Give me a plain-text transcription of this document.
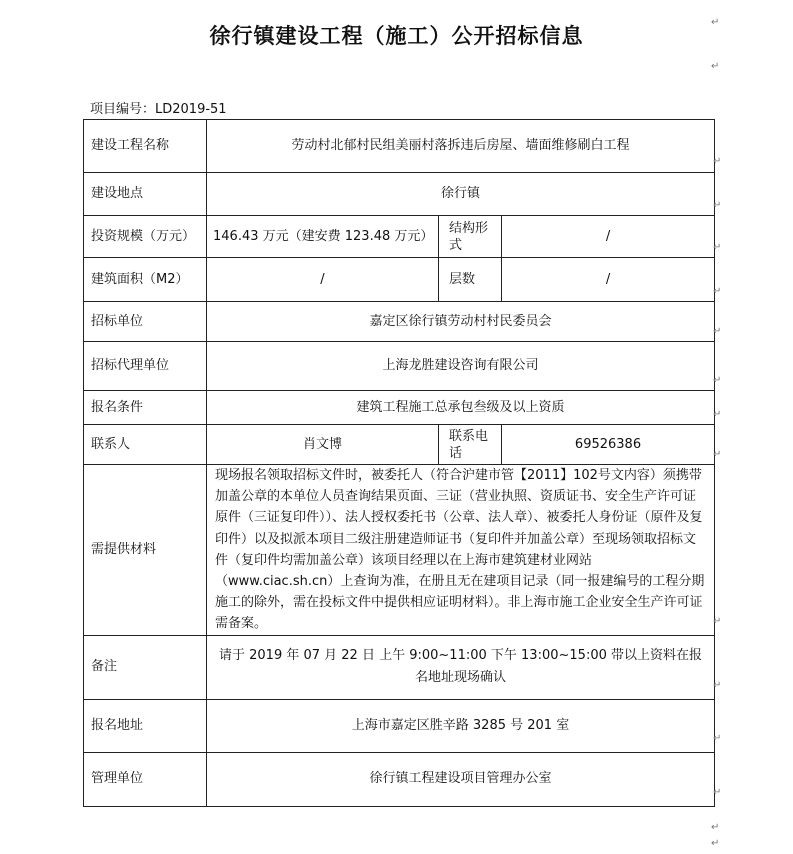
徐行镇建设工程（施工）公开招标信息
↵
↵
项目编号：LD2019-51
建设工程名称	劳动村北郁村民组美丽村落拆违后房屋、墙面维修刷白工程		
建设地点	徐行镇		
投资规模（万元）	146.43 万元（建安费 123.48 万元）	结构形式	/
建筑面积（M2）	/	层数	/
招标单位	嘉定区徐行镇劳动村村民委员会		
招标代理单位	上海龙胜建设咨询有限公司		
报名条件	建筑工程施工总承包叁级及以上资质		
联系人	肖文博	联系电话	69526386
需提供材料	现场报名领取招标文件时，被委托人（符合沪建市管【2011】102号文内容）须携带加盖公章的本单位人员查询结果页面、三证（营业执照、资质证书、安全生产许可证原件（三证复印件））、法人授权委托书（公章、法人章）、被委托人身份证（原件及复印件）以及拟派本项目二级注册建造师证书（复印件并加盖公章）至现场领取招标文件（复印件均需加盖公章）该项目经理以在上海市建筑建材业网站（www.ciac.sh.cn）上查询为准，在册且无在建项目记录（同一报建编号的工程分期施工的除外，需在投标文件中提供相应证明材料）。非上海市施工企业安全生产许可证需备案。		
备注	请于 2019 年 07 月 22 日 上午 9:00~11:00 下午 13:00~15:00 带以上资料在报名地址现场确认		
报名地址	上海市嘉定区胜辛路 3285 号 201 室		
管理单位	徐行镇工程建设项目管理办公室		
↵
↵
↵
↵
↵
↵
↵
↵
↵
↵
↵
↵
↵
↵
